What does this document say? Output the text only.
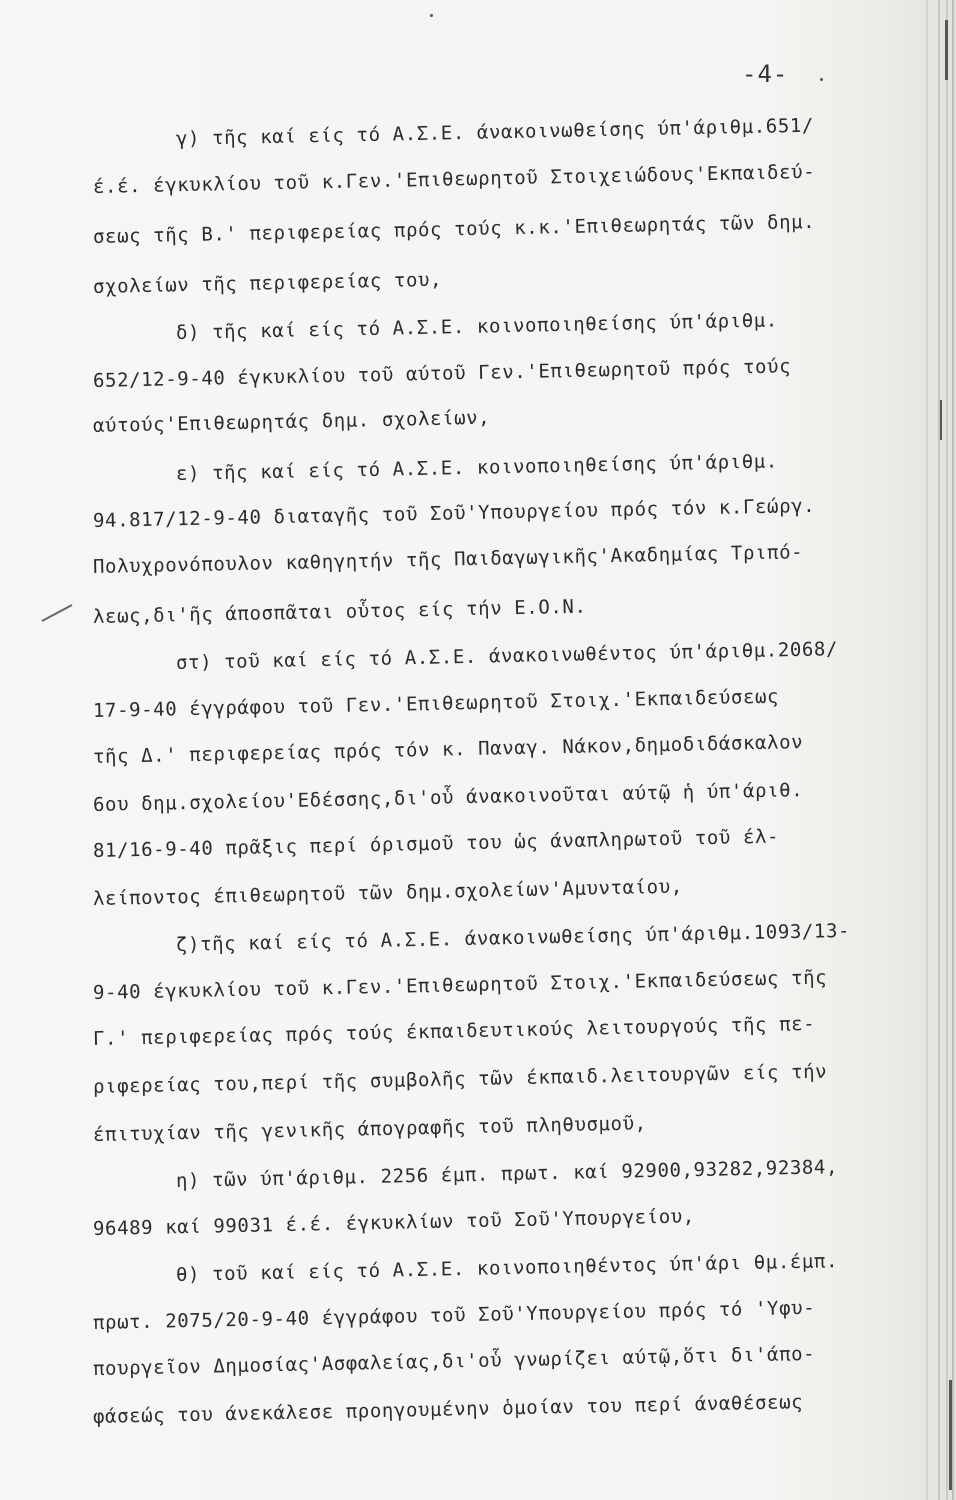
-4-
γ) τῆς καί είς τό Α.Σ.Ε. άνακοινωθείσης ύπ'άριθμ.651/
έ.έ. έγκυκλίου τοῦ κ.Γεν.'Επιθεωρητοῦ Στοιχειώδους'Εκπαιδεύ-
σεως τῆς Β.' περιφερείας πρός τούς κ.κ.'Επιθεωρητάς τῶν δημ.
σχολείων τῆς περιφερείας του,
δ) τῆς καί είς τό Α.Σ.Ε. κοινοποιηθείσης ύπ'άριθμ.
652/12-9-40 έγκυκλίου τοῦ αύτοῦ Γεν.'Επιθεωρητοῦ πρός τούς
αύτούς'Επιθεωρητάς δημ. σχολείων,
ε) τῆς καί είς τό Α.Σ.Ε. κοινοποιηθείσης ύπ'άριθμ.
94.817/12-9-40 διαταγῆς τοῦ Σοῦ'Υπουργείου πρός τόν κ.Γεώργ.
Πολυχρονόπουλον καθηγητήν τῆς Παιδαγωγικῆς'Ακαδημίας Τριπό-
λεως,δι'ῆς άποσπᾶται οὗτος είς τήν Ε.Ο.Ν.
στ) τοῦ καί είς τό Α.Σ.Ε. άνακοινωθέντος ύπ'άριθμ.2068/
17-9-40 έγγράφου τοῦ Γεν.'Επιθεωρητοῦ Στοιχ.'Εκπαιδεύσεως
τῆς Δ.' περιφερείας πρός τόν κ. Παναγ. Νάκον,δημοδιδάσκαλον
6ου δημ.σχολείου'Εδέσσης,δι'οὗ άνακοινοῦται αύτῷ ἡ ύπ'άριθ.
81/16-9-40 πρᾶξις περί όρισμοῦ του ὡς άναπληρωτοῦ τοῦ έλ-
λείποντος έπιθεωρητοῦ τῶν δημ.σχολείων'Αμυνταίου,
ζ)τῆς καί είς τό Α.Σ.Ε. άνακοινωθείσης ύπ'άριθμ.1093/13-
9-40 έγκυκλίου τοῦ κ.Γεν.'Επιθεωρητοῦ Στοιχ.'Εκπαιδεύσεως τῆς
Γ.' περιφερείας πρός τούς έκπαιδευτικούς λειτουργούς τῆς πε-
ριφερείας του,περί τῆς συμβολῆς τῶν έκπαιδ.λειτουργῶν είς τήν
έπιτυχίαν τῆς γενικῆς άπογραφῆς τοῦ πληθυσμοῦ,
η) τῶν ύπ'άριθμ. 2256 έμπ. πρωτ. καί 92900,93282,92384,
96489 καί 99031 έ.έ. έγκυκλίων τοῦ Σοῦ'Υπουργείου,
θ) τοῦ καί είς τό Α.Σ.Ε. κοινοποιηθέντος ύπ'άρι θμ.έμπ.
πρωτ. 2075/20-9-40 έγγράφου τοῦ Σοῦ'Υπουργείου πρός τό 'Υφυ-
πουργεῖον Δημοσίας'Ασφαλείας,δι'οὗ γνωρίζει αύτῷ,ὅτι δι'άπο-
φάσεώς του άνεκάλεσε προηγουμένην ὁμοίαν του περί άναθέσεως
